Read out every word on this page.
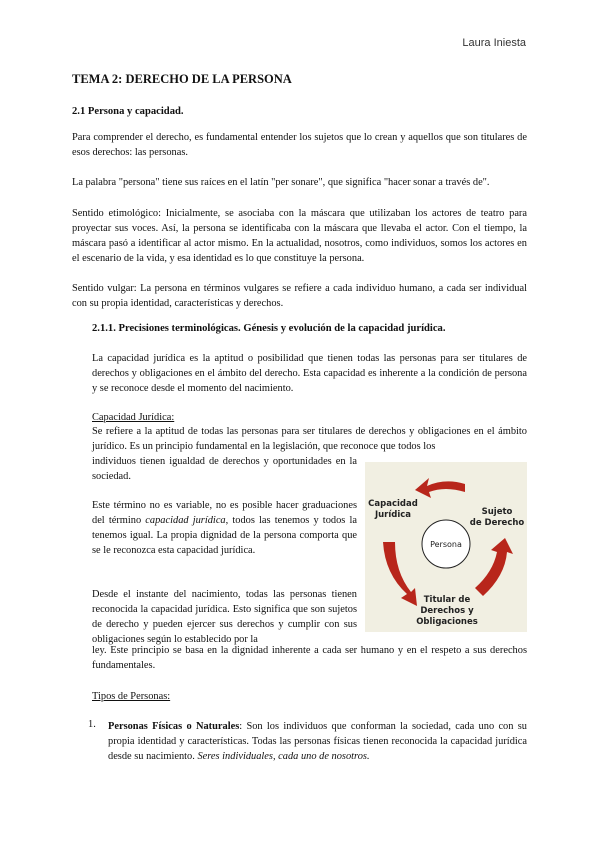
Laura Iniesta
TEMA 2: DERECHO DE LA PERSONA
2.1 Persona y capacidad.
Para comprender el derecho, es fundamental entender los sujetos que lo crean y aquellos que son titulares de esos derechos: las personas.
La palabra "persona" tiene sus raíces en el latín "per sonare", que significa "hacer sonar a través de".
Sentido etimológico: Inicialmente, se asociaba con la máscara que utilizaban los actores de teatro para proyectar sus voces. Así, la persona se identificaba con la máscara que llevaba el actor. Con el tiempo, la máscara pasó a identificar al actor mismo. En la actualidad, nosotros, como individuos, somos los actores en el escenario de la vida, y esa identidad es lo que constituye la persona.
Sentido vulgar: La persona en términos vulgares se refiere a cada individuo humano, a cada ser individual con su propia identidad, características y derechos.
2.1.1. Precisiones terminológicas. Génesis y evolución de la capacidad jurídica.
La capacidad jurídica es la aptitud o posibilidad que tienen todas las personas para ser titulares de derechos y obligaciones en el ámbito del derecho. Esta capacidad es inherente a la condición de persona y se reconoce desde el momento del nacimiento.
Capacidad Jurídica:
Se refiere a la aptitud de todas las personas para ser titulares de derechos y obligaciones en el ámbito jurídico. Es un principio fundamental en la legislación, que reconoce que todos los
individuos tienen igualdad de derechos y oportunidades en la sociedad.
Este término no es variable, no es posible hacer graduaciones del término capacidad jurídica, todos las tenemos y todos la tenemos igual. La propia dignidad de la persona comporta que se le reconozca esta capacidad jurídica.
Desde el instante del nacimiento, todas las personas tienen reconocida la capacidad jurídica. Esto significa que son sujetos de derecho y pueden ejercer sus derechos y cumplir con sus obligaciones según lo establecido por la
ley. Este principio se basa en la dignidad inherente a cada ser humano y en el respeto a sus derechos fundamentales.
Persona
Capacidad
Jurídica	Sujeto
de Derecho
Titular de
Derechos y
Obligaciones
Tipos de Personas:
1. Personas Físicas o Naturales: Son los individuos que conforman la sociedad, cada uno con su propia identidad y características. Todas las personas físicas tienen reconocida la capacidad jurídica desde su nacimiento. Seres individuales, cada uno de nosotros.
